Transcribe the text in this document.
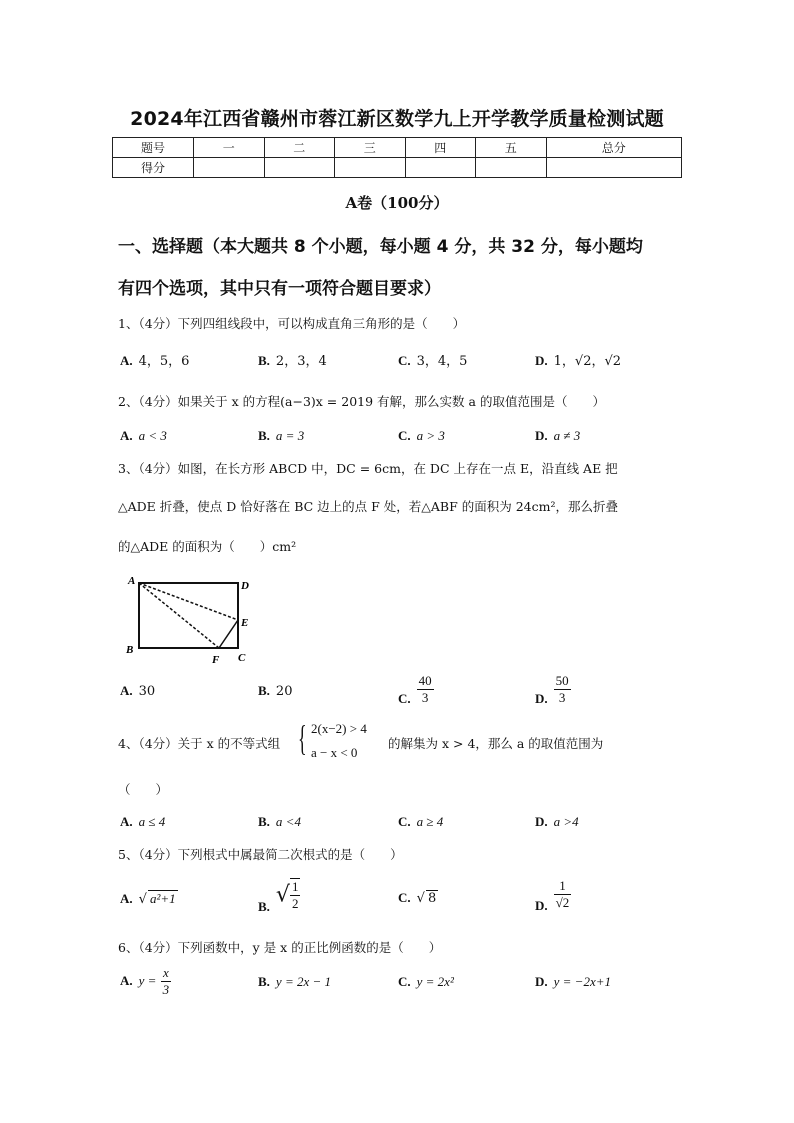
2024年江西省赣州市蓉江新区数学九上开学教学质量检测试题
题号	一	二	三	四	五	总分
得分						
A卷（100分）
一、选择题（本大题共 8 个小题，每小题 4 分，共 32 分，每小题均
有四个选项，其中只有一项符合题目要求）
1、（4分）下列四组线段中，可以构成直角三角形的是（　　）
A. 4，5，6	B. 2，3，4	C. 3，4，5	D. 1，√2，√2
2、（4分）如果关于 x 的方程(a−3)x = 2019 有解，那么实数 a 的取值范围是（　　）
A. a < 3	B. a = 3	C. a > 3	D. a ≠ 3
3、（4分）如图，在长方形 ABCD 中，DC = 6cm，在 DC 上存在一点 E，沿直线 AE 把
△ADE 折叠，使点 D 恰好落在 BC 边上的点 F 处，若△ABF 的面积为 24cm²，那么折叠
的△ADE 的面积为（　　）cm²
A	D
E
B
F C
A. 30	B. 20	C. $\frac{40}{3}$	D. $\frac{50}{3}$
4、（4分）关于 x 的不等式组 { 2(x−2) > 4
a − x < 0
的解集为 x > 4，那么 a 的取值范围为
（　　）
A. a ≤ 4	B. a <4	C. a ≥ 4	D. a >4
5、（4分）下列根式中属最简二次根式的是（　　）
A. √ a²+1	B. √ $\frac{1}{2}$	C. √ 8	D. $\frac{1}{√2}$
6、（4分）下列函数中，y 是 x 的正比例函数的是（　　）
A. $y = \frac{x}{3}$	B. y = 2x − 1	C. y = 2x²	D. y = −2x+1
